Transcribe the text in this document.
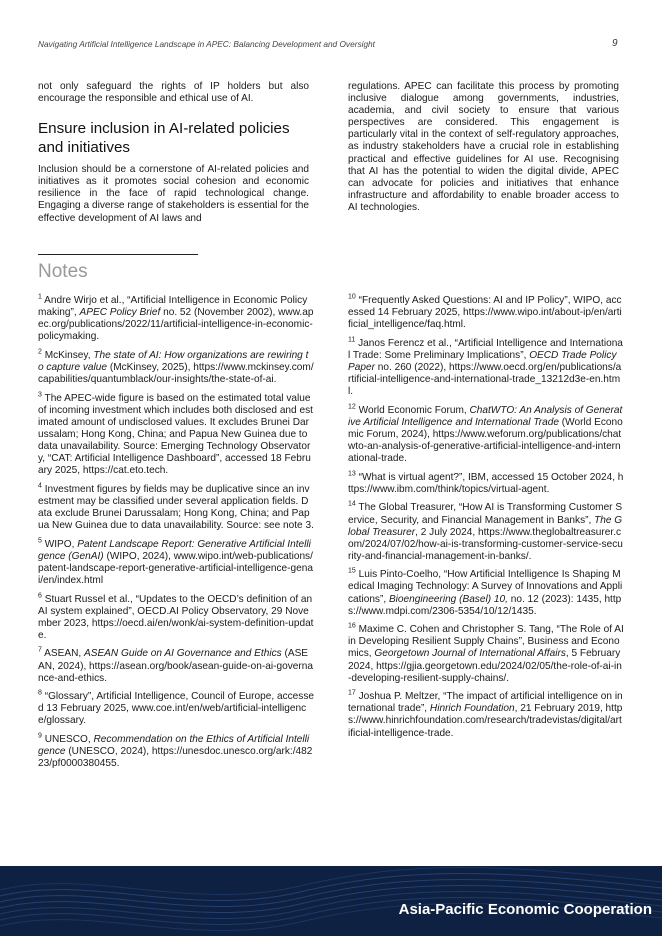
Navigating Artificial Intelligence Landscape in APEC: Balancing Development and Oversight	9
not only safeguard the rights of IP holders but also encourage the responsible and ethical use of AI.
Ensure inclusion in AI-related policies and initiatives
Inclusion should be a cornerstone of AI-related policies and initiatives as it promotes social cohesion and economic resilience in the face of rapid technological change. Engaging a diverse range of stakeholders is essential for the effective development of AI laws and
regulations. APEC can facilitate this process by promoting inclusive dialogue among governments, industries, academia, and civil society to ensure that various perspectives are considered. This engagement is particularly vital in the context of self-regulatory approaches, as industry stakeholders have a crucial role in establishing practical and effective guidelines for AI use. Recognising that AI has the potential to widen the digital divide, APEC can advocate for policies and initiatives that enhance infrastructure and affordability to enable broader access to AI technologies.
Notes
$^1$ Andre Wirjo et al., “Artificial Intelligence in Economic Policymaking”, APEC Policy Brief no. 52 (November 2002), www.apec.org/publications/2022/11/artificial-intelligence-in-economic-policymaking.
$^2$ McKinsey, The state of AI: How organizations are rewiring to capture value (McKinsey, 2025), https://www.mckinsey.com/capabilities/quantumblack/our-insights/the-state-of-ai.
$^3$ The APEC-wide figure is based on the estimated total value of incoming investment which includes both disclosed and estimated amount of undisclosed values. It excludes Brunei Darussalam; Hong Kong, China; and Papua New Guinea due to data unavailability. Source: Emerging Technology Observatory, “CAT: Artificial Intelligence Dashboard”, accessed 18 February 2025, https://cat.eto.tech.
$^4$ Investment figures by fields may be duplicative since an investment may be classified under several application fields. Data exclude Brunei Darussalam; Hong Kong, China; and Papua New Guinea due to data unavailability. Source: see note 3.
$^5$ WIPO, Patent Landscape Report: Generative Artificial Intelligence (GenAI) (WIPO, 2024), www.wipo.int/web-publications/patent-landscape-report-generative-artificial-intelligence-genai/en/index.html
$^6$ Stuart Russel et al., “Updates to the OECD’s definition of an AI system explained”, OECD.AI Policy Observatory, 29 November 2023, https://oecd.ai/en/wonk/ai-system-definition-update.
$^7$ ASEAN, ASEAN Guide on AI Governance and Ethics (ASEAN, 2024), https://asean.org/book/asean-guide-on-ai-governance-and-ethics.
$^8$ “Glossary”, Artificial Intelligence, Council of Europe, accessed 13 February 2025, www.coe.int/en/web/artificial-intelligence/glossary.
$^9$ UNESCO, Recommendation on the Ethics of Artificial Intelligence (UNESCO, 2024), https://unesdoc.unesco.org/ark:/48223/pf0000380455.
$^{10}$ “Frequently Asked Questions: AI and IP Policy”, WIPO, accessed 14 February 2025, https://www.wipo.int/about-ip/en/artificial_intelligence/faq.html.
$^{11}$ Janos Ferencz et al., “Artificial Intelligence and International Trade: Some Preliminary Implications”, OECD Trade Policy Paper no. 260 (2022), https://www.oecd.org/en/publications/artificial-intelligence-and-international-trade_13212d3e-en.html.
$^{12}$ World Economic Forum, ChatWTO: An Analysis of Generative Artificial Intelligence and International Trade (World Economic Forum, 2024), https://www.weforum.org/publications/chatwto-an-analysis-of-generative-artificial-intelligence-and-international-trade.
$^{13}$ “What is virtual agent?”, IBM, accessed 15 October 2024, https://www.ibm.com/think/topics/virtual-agent.
$^{14}$ The Global Treasurer, “How AI is Transforming Customer Service, Security, and Financial Management in Banks”, The Global Treasurer, 2 July 2024, https://www.theglobaltreasurer.com/2024/07/02/how-ai-is-transforming-customer-service-security-and-financial-management-in-banks/.
$^{15}$ Luis Pinto-Coelho, “How Artificial Intelligence Is Shaping Medical Imaging Technology: A Survey of Innovations and Applications”, Bioengineering (Basel) 10, no. 12 (2023): 1435, https://www.mdpi.com/2306-5354/10/12/1435.
$^{16}$ Maxime C. Cohen and Christopher S. Tang, “The Role of AI in Developing Resilient Supply Chains”, Business and Economics, Georgetown Journal of International Affairs, 5 February 2024, https://gjia.georgetown.edu/2024/02/05/the-role-of-ai-in-developing-resilient-supply-chains/.
$^{17}$ Joshua P. Meltzer, “The impact of artificial intelligence on international trade”, Hinrich Foundation, 21 February 2019, https://www.hinrichfoundation.com/research/tradevistas/digital/artificial-intelligence-trade.
Asia-Pacific Economic Cooperation
